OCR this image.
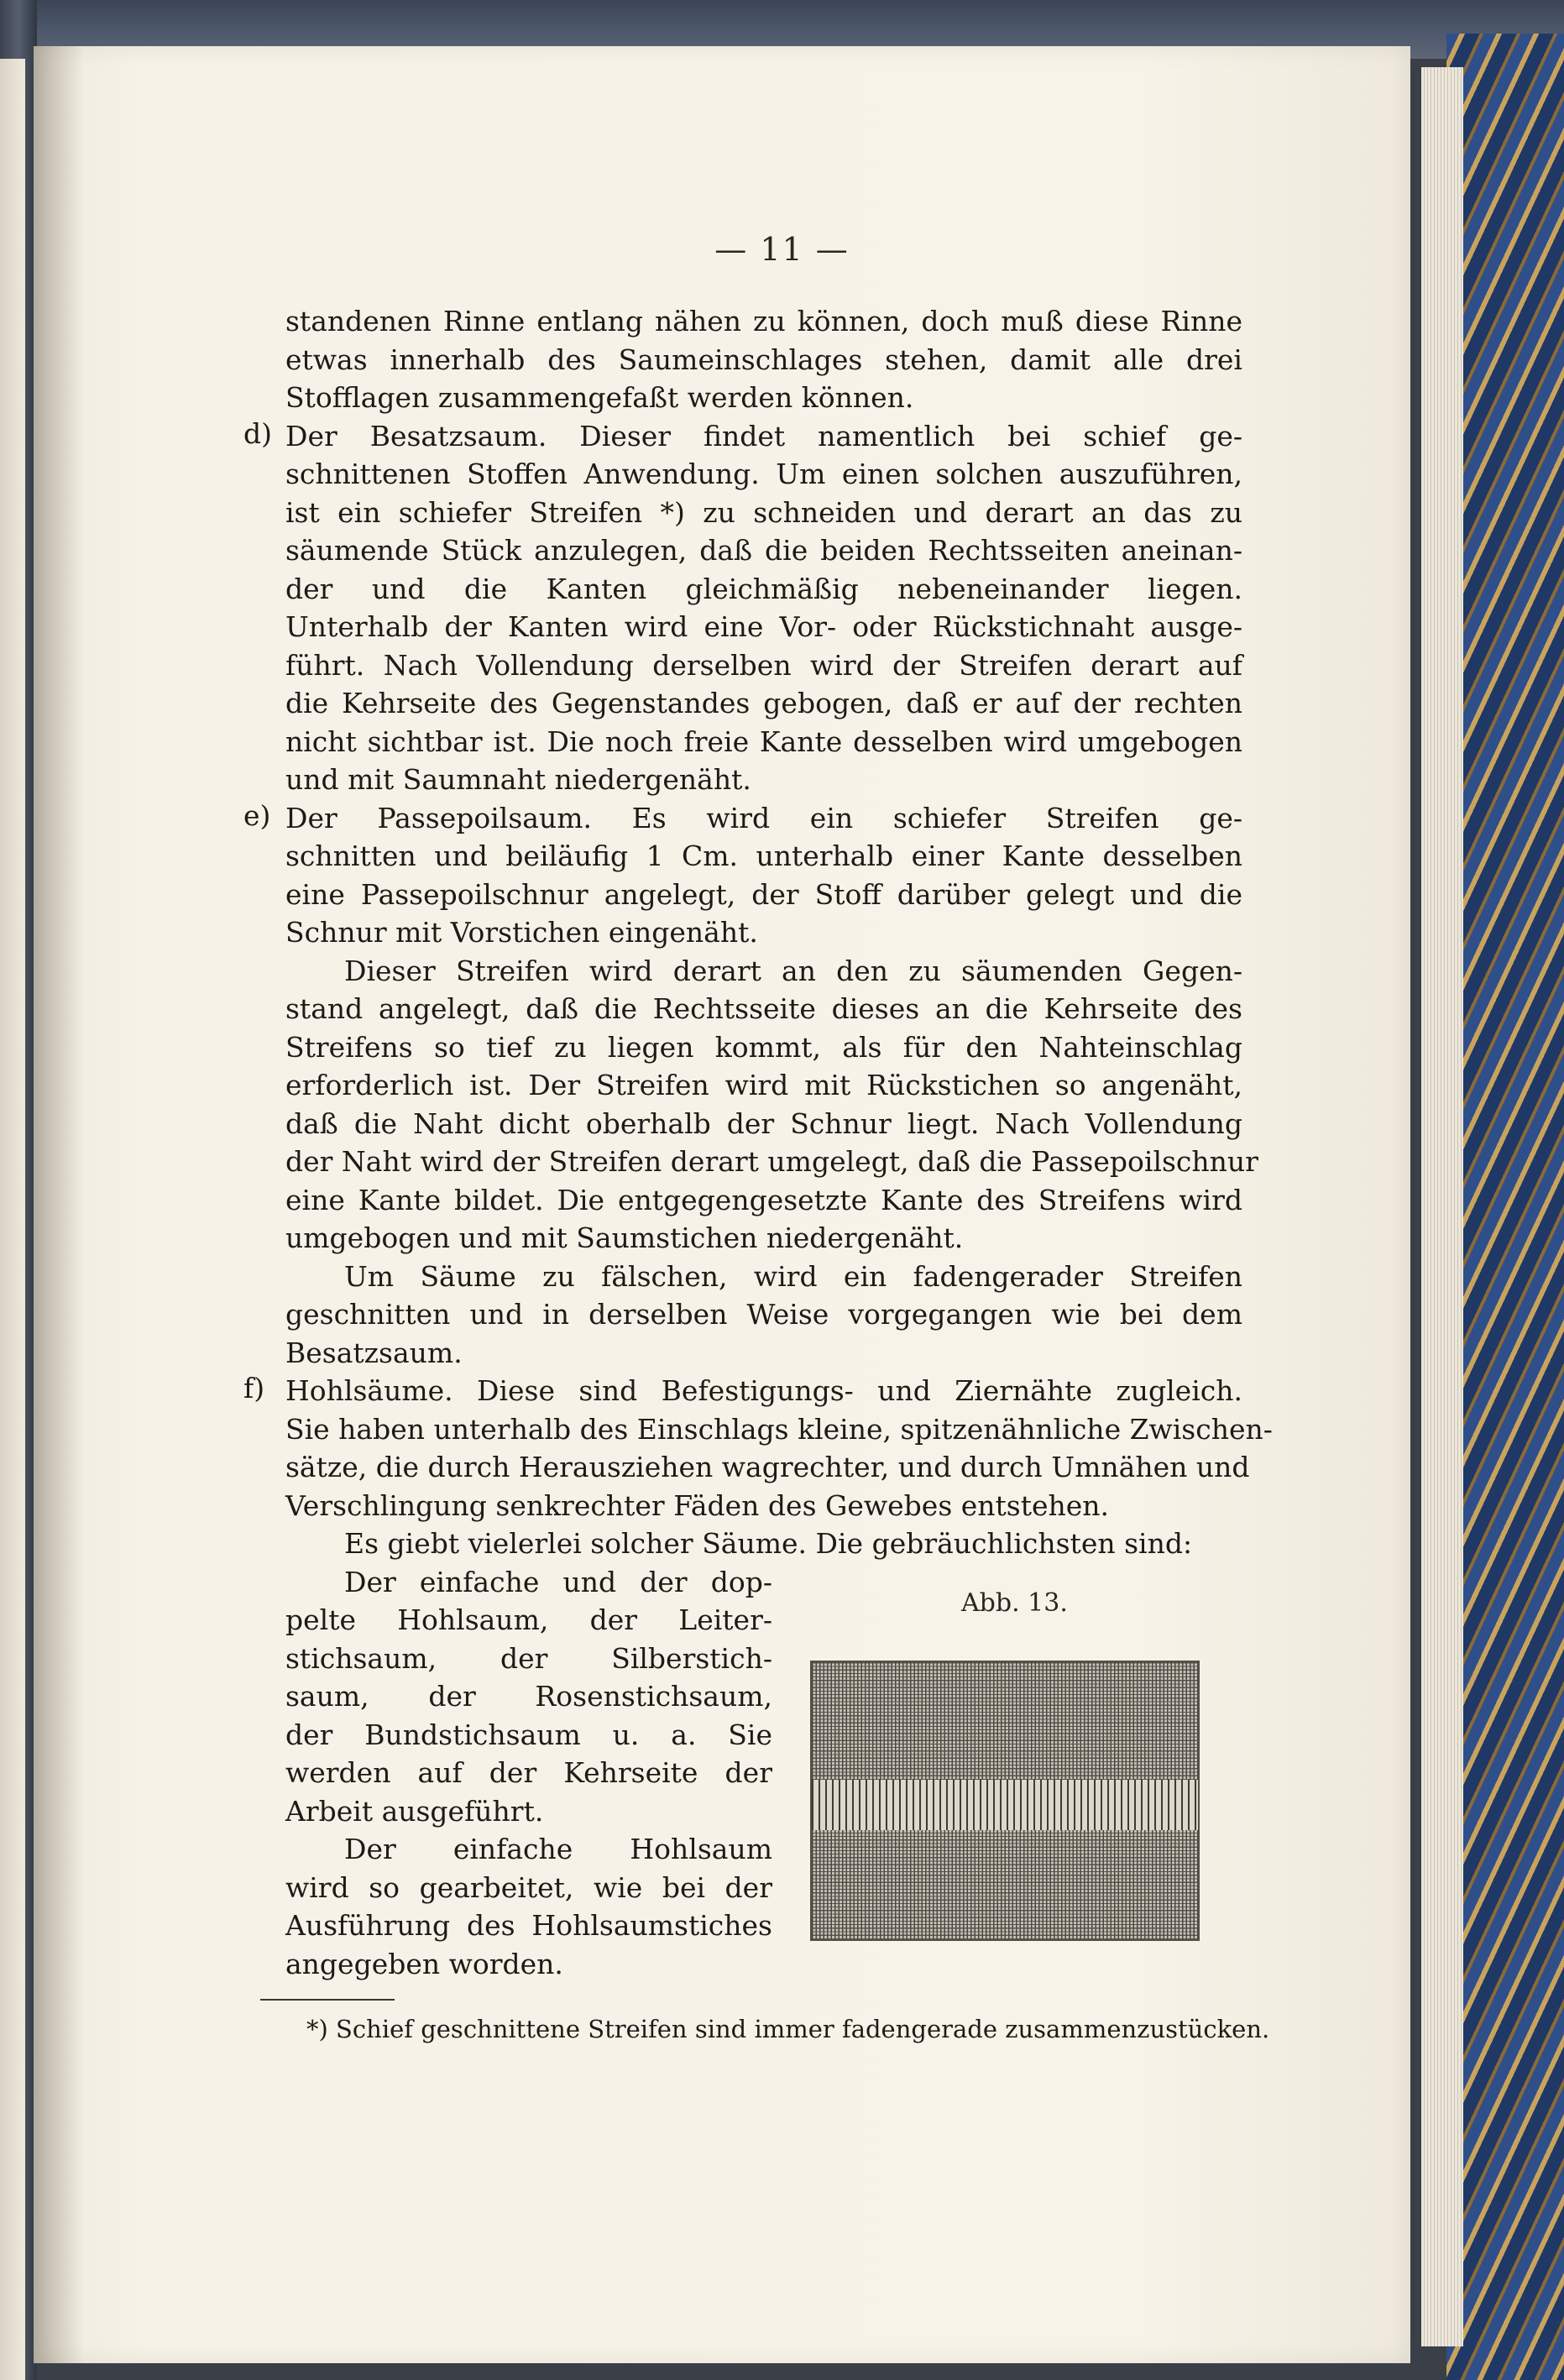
— 11 —
standenen Rinne entlang nähen zu können, doch muß diese Rinne
etwas innerhalb des Saumeinschlages stehen, damit alle drei
Stofflagen zusammengefaßt werden können.
d) Der Besatzsaum. Dieser findet namentlich bei schief ge-
schnittenen Stoffen Anwendung. Um einen solchen auszuführen,
ist ein schiefer Streifen *) zu schneiden und derart an das zu
säumende Stück anzulegen, daß die beiden Rechtsseiten aneinan-
der und die Kanten gleichmäßig nebeneinander liegen.
Unterhalb der Kanten wird eine Vor- oder Rückstichnaht ausge-
führt. Nach Vollendung derselben wird der Streifen derart auf
die Kehrseite des Gegenstandes gebogen, daß er auf der rechten
nicht sichtbar ist. Die noch freie Kante desselben wird umgebogen
und mit Saumnaht niedergenäht.
e) Der Passepoilsaum. Es wird ein schiefer Streifen ge-
schnitten und beiläufig 1 Cm. unterhalb einer Kante desselben
eine Passepoilschnur angelegt, der Stoff darüber gelegt und die
Schnur mit Vorstichen eingenäht.
Dieser Streifen wird derart an den zu säumenden Gegen-
stand angelegt, daß die Rechtsseite dieses an die Kehrseite des
Streifens so tief zu liegen kommt, als für den Nahteinschlag
erforderlich ist. Der Streifen wird mit Rückstichen so angenäht,
daß die Naht dicht oberhalb der Schnur liegt. Nach Vollendung
der Naht wird der Streifen derart umgelegt, daß die Passepoilschnur
eine Kante bildet. Die entgegengesetzte Kante des Streifens wird
umgebogen und mit Saumstichen niedergenäht.
Um Säume zu fälschen, wird ein fadengerader Streifen
geschnitten und in derselben Weise vorgegangen wie bei dem
Besatzsaum.
f) Hohlsäume. Diese sind Befestigungs- und Ziernähte zugleich.
Sie haben unterhalb des Einschlags kleine, spitzenähnliche Zwischen-
sätze, die durch Herausziehen wagrechter, und durch Umnähen und
Verschlingung senkrechter Fäden des Gewebes entstehen.
Es giebt vielerlei solcher Säume. Die gebräuchlichsten sind:
Der einfache und der dop-
pelte Hohlsaum, der Leiter-
stichsaum, der Silberstich-
saum, der Rosenstichsaum,
der Bundstichsaum u. a. Sie
werden auf der Kehrseite der
Arbeit ausgeführt.
Der einfache Hohlsaum
wird so gearbeitet, wie bei der
Ausführung des Hohlsaumstiches
angegeben worden.
Abb. 13.
*) Schief geschnittene Streifen sind immer fadengerade zusammenzustücken.
